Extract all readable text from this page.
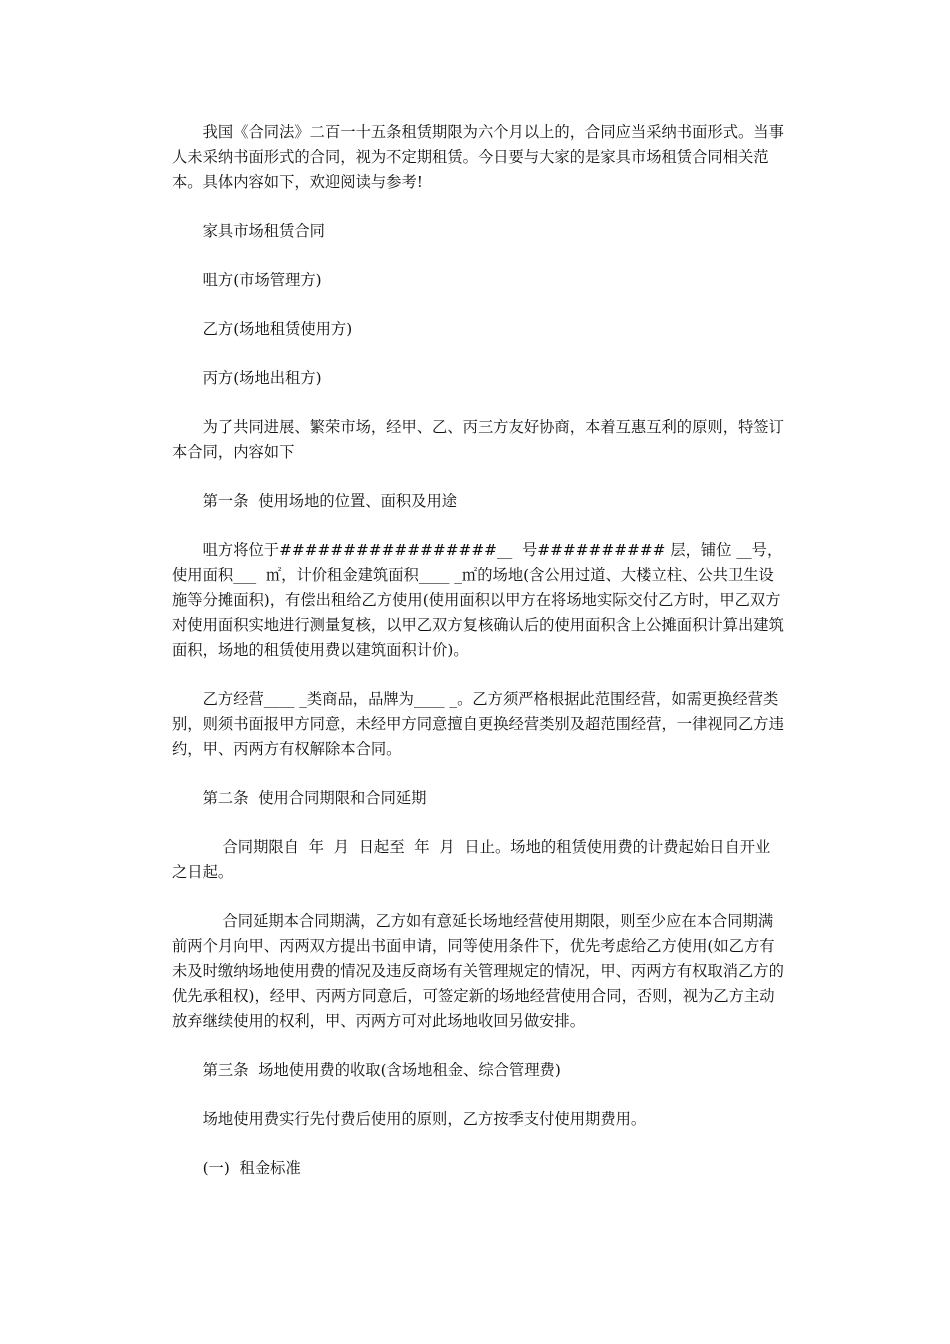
我国《合同法》二百一十五条租赁期限为六个月以上的，合同应当采纳书面形式。当事人未采纳书面形式的合同，视为不定期租赁。今日要与大家的是家具市场租赁合同相关范本。具体内容如下，欢迎阅读与参考!

家具市场租赁合同

咀方(市场管理方)

乙方(场地租赁使用方)

丙方(场地出租方)

为了共同进展、繁荣市场，经甲、乙、丙三方友好协商，本着互惠互利的原则，特签订本合同，内容如下

第一条  使用场地的位置、面积及用途

咀方将位于#################__  号########## 层，铺位 __号，使用面积___  ㎡，计价租金建筑面积____ _㎡的场地(含公用过道、大楼立柱、公共卫生设施等分摊面积)，有偿出租给乙方使用(使用面积以甲方在将场地实际交付乙方时，甲乙双方对使用面积实地进行测量复核，以甲乙双方复核确认后的使用面积含上公摊面积计算出建筑面积，场地的租赁使用费以建筑面积计价)。

乙方经营____ _类商品，品牌为____ _。乙方须严格根据此范围经营，如需更换经营类别，则须书面报甲方同意，未经甲方同意擅自更换经营类别及超范围经营，一律视同乙方违约，甲、丙两方有权解除本合同。

第二条  使用合同期限和合同延期

合同期限自  年  月  日起至  年  月  日止。场地的租赁使用费的计费起始日自开业之日起。

合同延期本合同期满，乙方如有意延长场地经营使用期限，则至少应在本合同期满前两个月向甲、丙两双方提出书面申请，同等使用条件下，优先考虑给乙方使用(如乙方有未及时缴纳场地使用费的情况及违反商场有关管理规定的情况，甲、丙两方有权取消乙方的优先承租权)，经甲、丙两方同意后，可签定新的场地经营使用合同，否则，视为乙方主动放弃继续使用的权利，甲、丙两方可对此场地收回另做安排。

第三条  场地使用费的收取(含场地租金、综合管理费)

场地使用费实行先付费后使用的原则，乙方按季支付使用期费用。

(一)  租金标准
